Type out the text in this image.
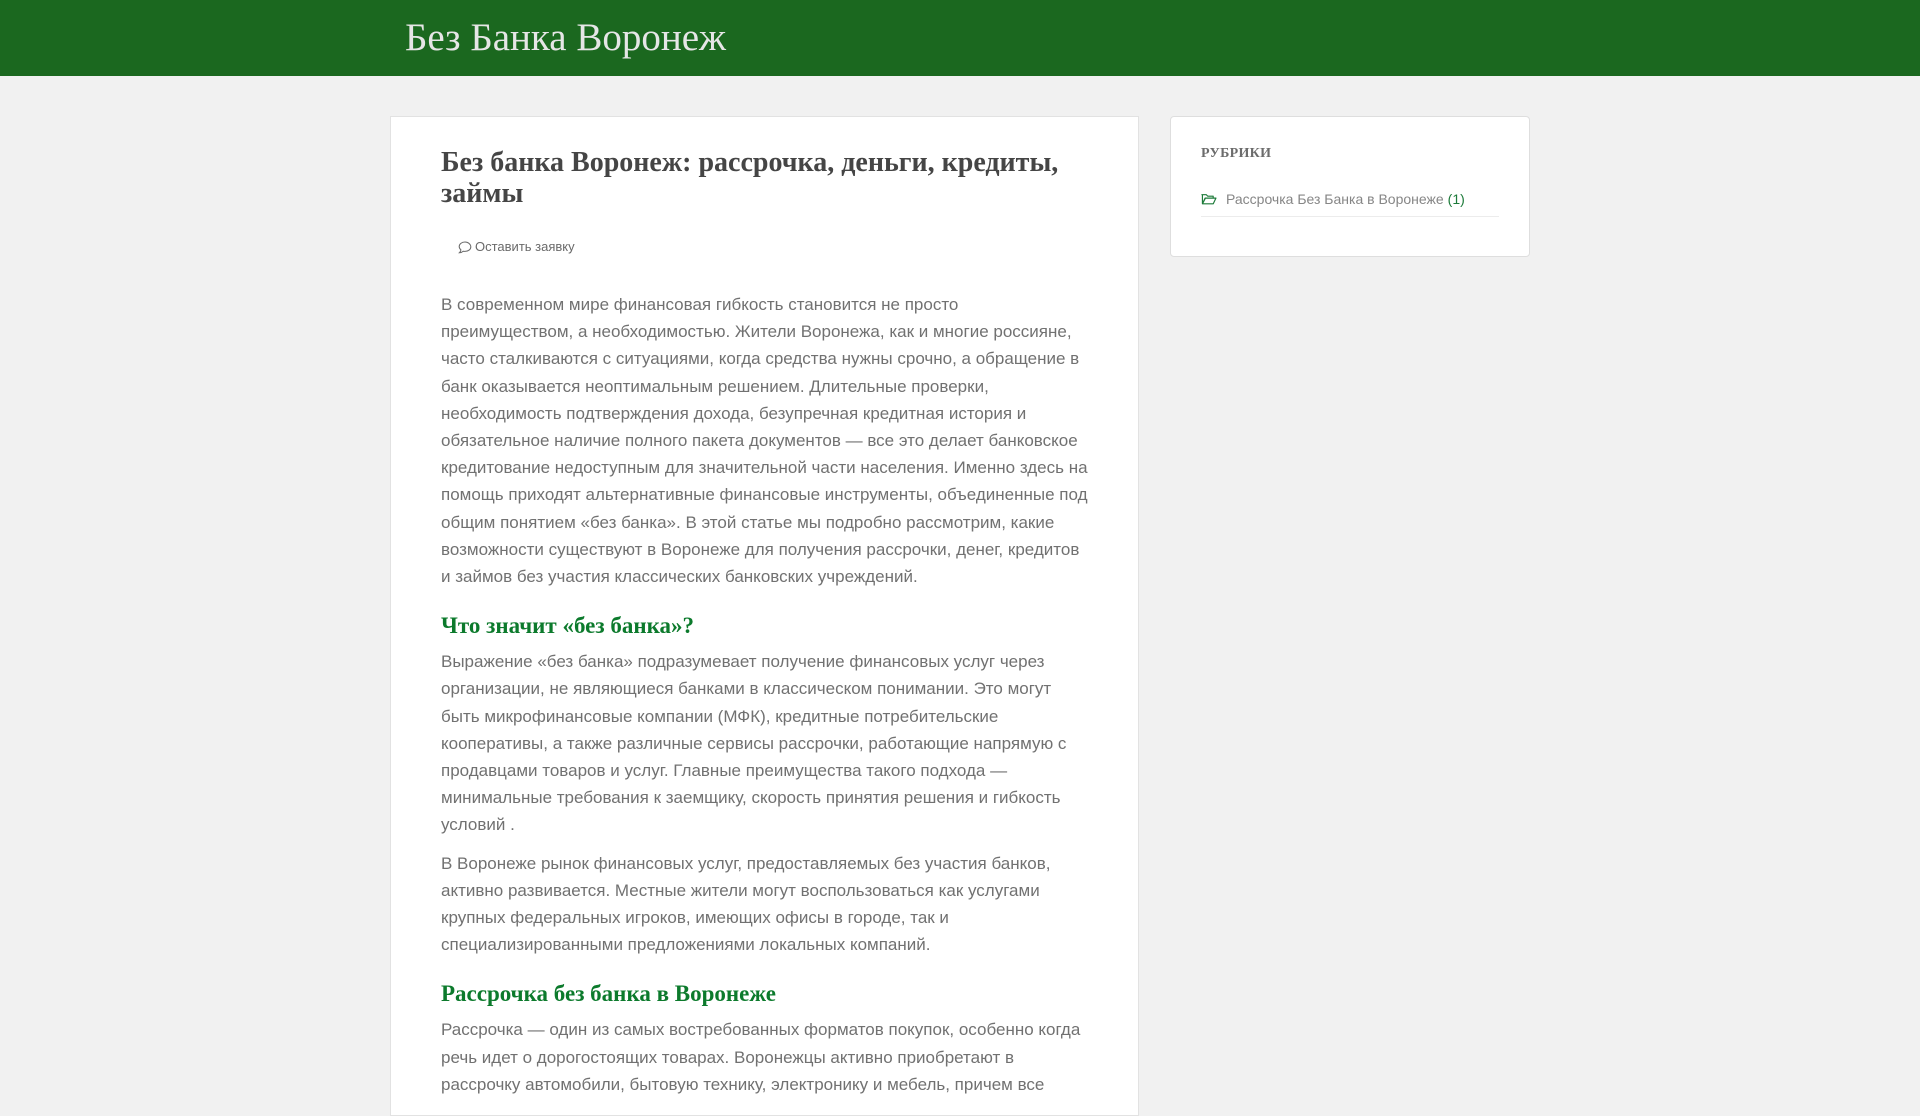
Без Банка Воронеж
Без банка Воронеж: рассрочка, деньги, кредиты, займы
Оставить заявку

В современном мире финансовая гибкость становится не просто преимуществом, а необходимостью. Жители Воронежа, как и многие россияне, часто сталкиваются с ситуациями, когда средства нужны срочно, а обращение в банк оказывается неоптимальным решением. Длительные проверки, необходимость подтверждения дохода, безупречная кредитная история и обязательное наличие полного пакета документов — все это делает банковское кредитование недоступным для значительной части населения. Именно здесь на помощь приходят альтернативные финансовые инструменты, объединенные под общим понятием «без банка». В этой статье мы подробно рассмотрим, какие возможности существуют в Воронеже для получения рассрочки, денег, кредитов и займов без участия классических банковских учреждений.

Что значит «без банка»?

Выражение «без банка» подразумевает получение финансовых услуг через организации, не являющиеся банками в классическом понимании. Это могут быть микрофинансовые компании (МФК), кредитные потребительские кооперативы, а также различные сервисы рассрочки, работающие напрямую с продавцами товаров и услуг. Главные преимущества такого подхода — минимальные требования к заемщику, скорость принятия решения и гибкость условий .

В Воронеже рынок финансовых услуг, предоставляемых без участия банков, активно развивается. Местные жители могут воспользоваться как услугами крупных федеральных игроков, имеющих офисы в городе, так и специализированными предложениями локальных компаний.

Рассрочка без банка в Воронеже

Рассрочка — один из самых востребованных форматов покупок, особенно когда речь идет о дорогостоящих товарах. Воронежцы активно приобретают в рассрочку автомобили, бытовую технику, электронику и мебель, причем все

РУБРИКИ
Рассрочка Без Банка в Воронеже (1)
